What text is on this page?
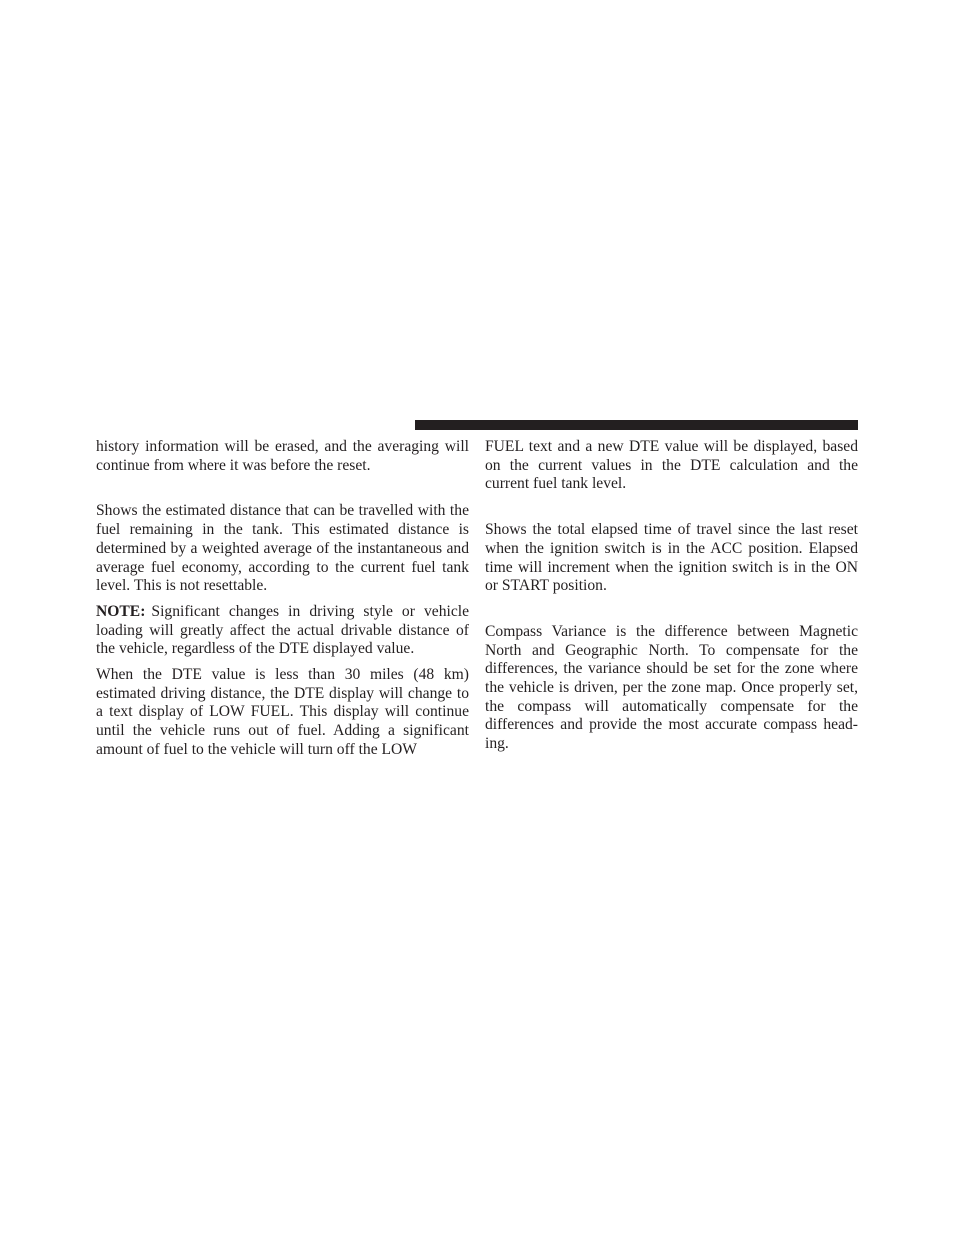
history information will be erased, and the averaging will continue from where it was before the reset.

Shows the estimated distance that can be travelled with the fuel remaining in the tank. This estimated distance is determined by a weighted average of the instantaneous and average fuel economy, according to the current fuel tank level. This is not resettable.

NOTE: Significant changes in driving style or vehicle loading will greatly affect the actual drivable distance of the vehicle, regardless of the DTE displayed value.

When the DTE value is less than 30 miles (48 km) estimated driving distance, the DTE display will change to a text display of LOW FUEL. This display will continue until the vehicle runs out of fuel. Adding a significant amount of fuel to the vehicle will turn off the LOW

FUEL text and a new DTE value will be displayed, based on the current values in the DTE calculation and the current fuel tank level.

Shows the total elapsed time of travel since the last reset when the ignition switch is in the ACC position. Elapsed time will increment when the ignition switch is in the ON or START position.

Compass Variance is the difference between Magnetic North and Geographic North. To compensate for the differences, the variance should be set for the zone where the vehicle is driven, per the zone map. Once properly set, the compass will automatically compensate for the differences and provide the most accurate compass heading.
